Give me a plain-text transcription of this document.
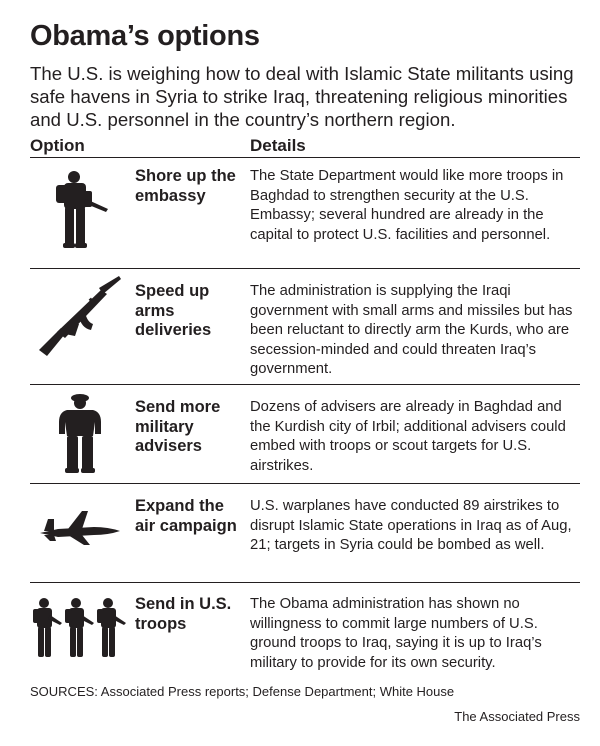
Obama’s options

The U.S. is weighing how to deal with Islamic State militants using safe havens in Syria to strike Iraq, threatening religious minorities and U.S. personnel in the country’s northern region.

Option	Details
Shore up the embassy
The State Department would like more troops in Baghdad to strengthen security at the U.S. Embassy; several hundred are already in the capital to protect U.S. facilities and personnel.
Speed up arms deliveries
The administration is supplying the Iraqi government with small arms and missiles but has been reluctant to directly arm the Kurds, who are secession-minded and could threaten Iraq’s government.
Send more military advisers
Dozens of advisers are already in Baghdad and the Kurdish city of Irbil; additional advisers could embed with troops or scout targets for U.S. airstrikes.
Expand the air campaign
U.S. warplanes have conducted 89 airstrikes to disrupt Islamic State operations in Iraq as of Aug, 21; targets in Syria could be bombed as well.
Send in U.S. troops
The Obama administration has shown no willingness to commit large numbers of U.S. ground troops to Iraq, saying it is up to Iraq’s military to provide for its own security.
SOURCES: Associated Press reports; Defense Department; White House
The Associated Press
